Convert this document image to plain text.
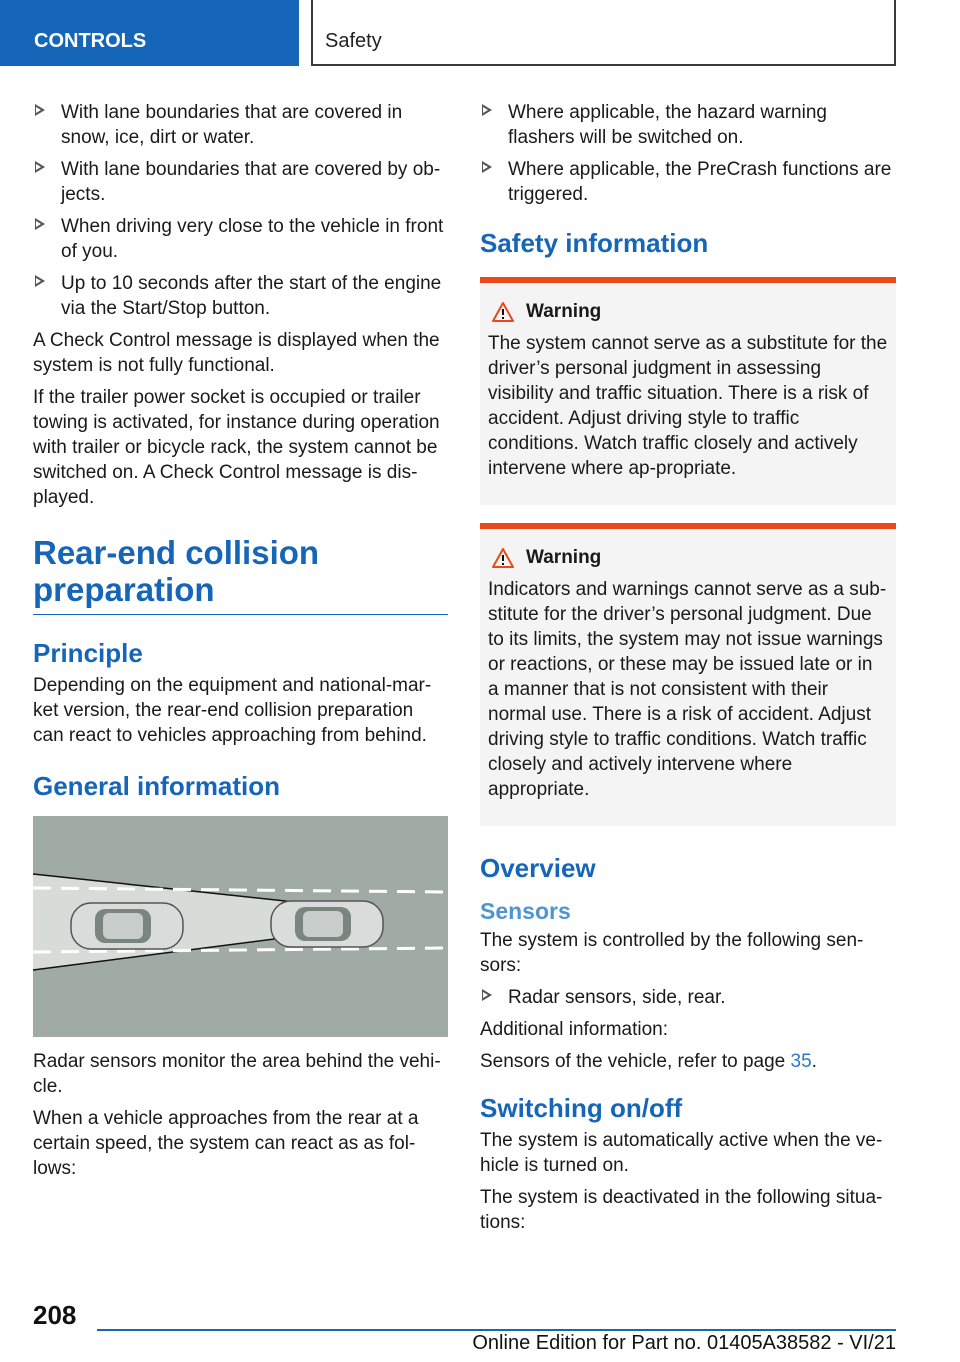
CONTROLS	Safety
With lane boundaries that are covered in snow, ice, dirt or water.
With lane boundaries that are covered by ob-jects.
When driving very close to the vehicle in front of you.
Up to 10 seconds after the start of the engine via the Start/Stop button.

A Check Control message is displayed when the system is not fully functional.

If the trailer power socket is occupied or trailer towing is activated, for instance during operation with trailer or bicycle rack, the system cannot be switched on. A Check Control message is dis-played.

Rear-end collision preparation
Principle

Depending on the equipment and national-mar-ket version, the rear-end collision preparation can react to vehicles approaching from behind.

General information

Radar sensors monitor the area behind the vehi-cle.

When a vehicle approaches from the rear at a certain speed, the system can react as as fol-lows:

Where applicable, the hazard warning flashers will be switched on.
Where applicable, the PreCrash functions are triggered.
Safety information
Warning

The system cannot serve as a substitute for the driver’s personal judgment in assessing visibility and traffic situation. There is a risk of accident. Adjust driving style to traffic conditions. Watch traffic closely and actively intervene where ap-propriate.

Warning

Indicators and warnings cannot serve as a sub-stitute for the driver’s personal judgment. Due to its limits, the system may not issue warnings or reactions, or these may be issued late or in a manner that is not consistent with their normal use. There is a risk of accident. Adjust driving style to traffic conditions. Watch traffic closely and actively intervene where appropriate.

Overview
Sensors

The system is controlled by the following sen-sors:

Radar sensors, side, rear.

Additional information:

Sensors of the vehicle, refer to page 35.

Switching on/off

The system is automatically active when the ve-hicle is turned on.

The system is deactivated in the following situa-tions:

208
Online Edition for Part no. 01405A38582 - VI/21
